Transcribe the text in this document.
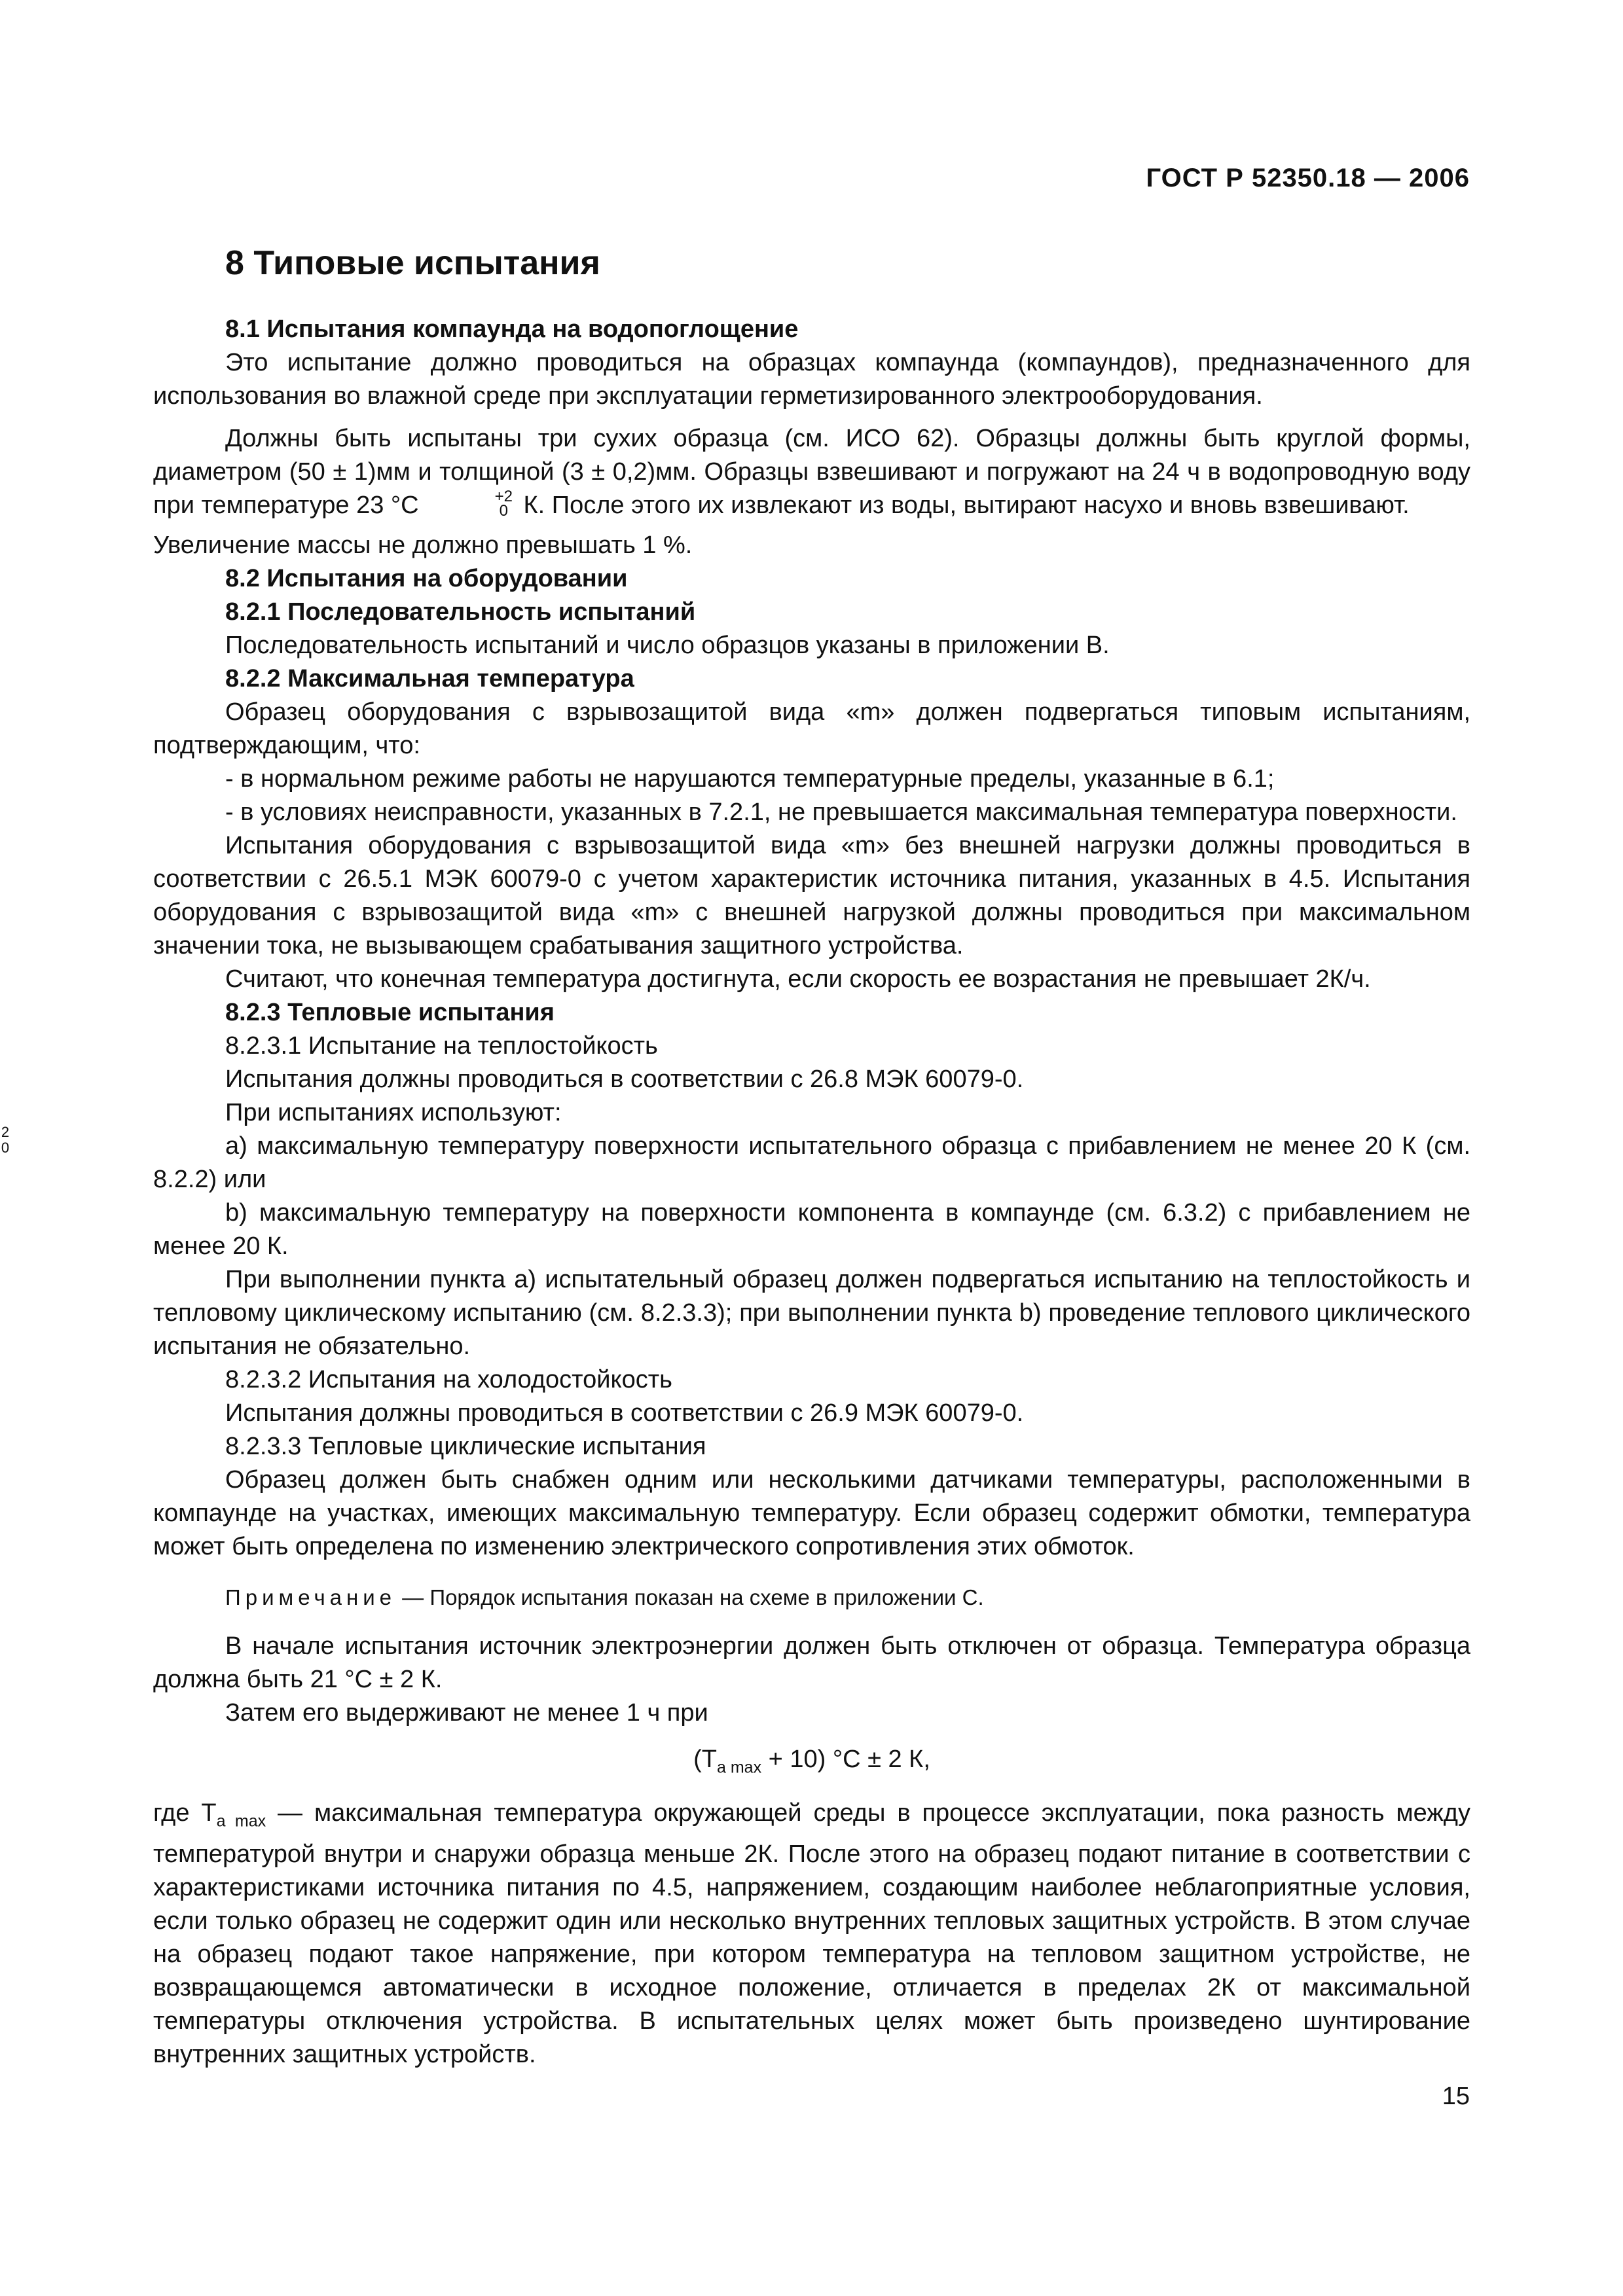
ГОСТ Р 52350.18 — 2006
2
0
8 Типовые испытания

8.1 Испытания компаунда на водопоглощение

Это испытание должно проводиться на образцах компаунда (компаундов), предназначенного для использования во влажной среде при эксплуатации герметизированного электрооборудования.

Должны быть испытаны три сухих образца (см. ИСО 62). Образцы должны быть круглой формы, диаметром (50 ± 1)мм и толщиной (3 ± 0,2)мм. Образцы взвешивают и погружают на 24 ч в водопроводную воду при температуре 23 °С	+2
0 К. После этого их извлекают из воды, вытирают насухо и вновь взвешивают.

Увеличение массы не должно превышать 1 %.

8.2 Испытания на оборудовании

8.2.1 Последовательность испытаний

Последовательность испытаний и число образцов указаны в приложении В.

8.2.2 Максимальная температура

Образец оборудования с взрывозащитой вида «m» должен подвергаться типовым испытаниям, подтверждающим, что:

- в нормальном режиме работы не нарушаются температурные пределы, указанные в 6.1;

- в условиях неисправности, указанных в 7.2.1, не превышается максимальная температура поверхности.

Испытания оборудования с взрывозащитой вида «m» без внешней нагрузки должны проводиться в соответствии с 26.5.1 МЭК 60079-0 с учетом характеристик источника питания, указанных в 4.5. Испытания оборудования с взрывозащитой вида «m» с внешней нагрузкой должны проводиться при максимальном значении тока, не вызывающем срабатывания защитного устройства.

Считают, что конечная температура достигнута, если скорость ее возрастания не превышает 2К/ч.

8.2.3 Тепловые испытания

8.2.3.1 Испытание на теплостойкость

Испытания должны проводиться в соответствии с 26.8 МЭК 60079-0.

При испытаниях используют:

а) максимальную температуру поверхности испытательного образца с прибавлением не менее 20 К (см. 8.2.2) или

b) максимальную температуру на поверхности компонента в компаунде (см. 6.3.2) с прибавлением не менее 20 К.

При выполнении пункта а) испытательный образец должен подвергаться испытанию на теплостойкость и тепловому циклическому испытанию (см. 8.2.3.3); при выполнении пункта b) проведение теплового циклического испытания не обязательно.

8.2.3.2 Испытания на холодостойкость

Испытания должны проводиться в соответствии с 26.9 МЭК 60079-0.

8.2.3.3 Тепловые циклические испытания

Образец должен быть снабжен одним или несколькими датчиками температуры, расположенными в компаунде на участках, имеющих максимальную температуру. Если образец содержит обмотки, температура может быть определена по изменению электрического сопротивления этих обмоток.

Примечание — Порядок испытания показан на схеме в приложении С.

В начале испытания источник электроэнергии должен быть отключен от образца. Температура образца должна быть 21 °С ± 2 К.

Затем его выдерживают не менее 1 ч при

$(T_{a max} + 10) ^\circ С \pm 2$ К,

где $T_{a max}$ — максимальная температура окружающей среды в процессе эксплуатации, пока разность между температурой внутри и снаружи образца меньше 2К. После этого на образец подают питание в соответствии с характеристиками источника питания по 4.5, напряжением, создающим наиболее неблагоприятные условия, если только образец не содержит один или несколько внутренних тепловых защитных устройств. В этом случае на образец подают такое напряжение, при котором температура на тепловом защитном устройстве, не возвращающемся автоматически в исходное положение, отличается в пределах 2К от максимальной температуры отключения устройства. В испытательных целях может быть произведено шунтирование внутренних защитных устройств.

15
